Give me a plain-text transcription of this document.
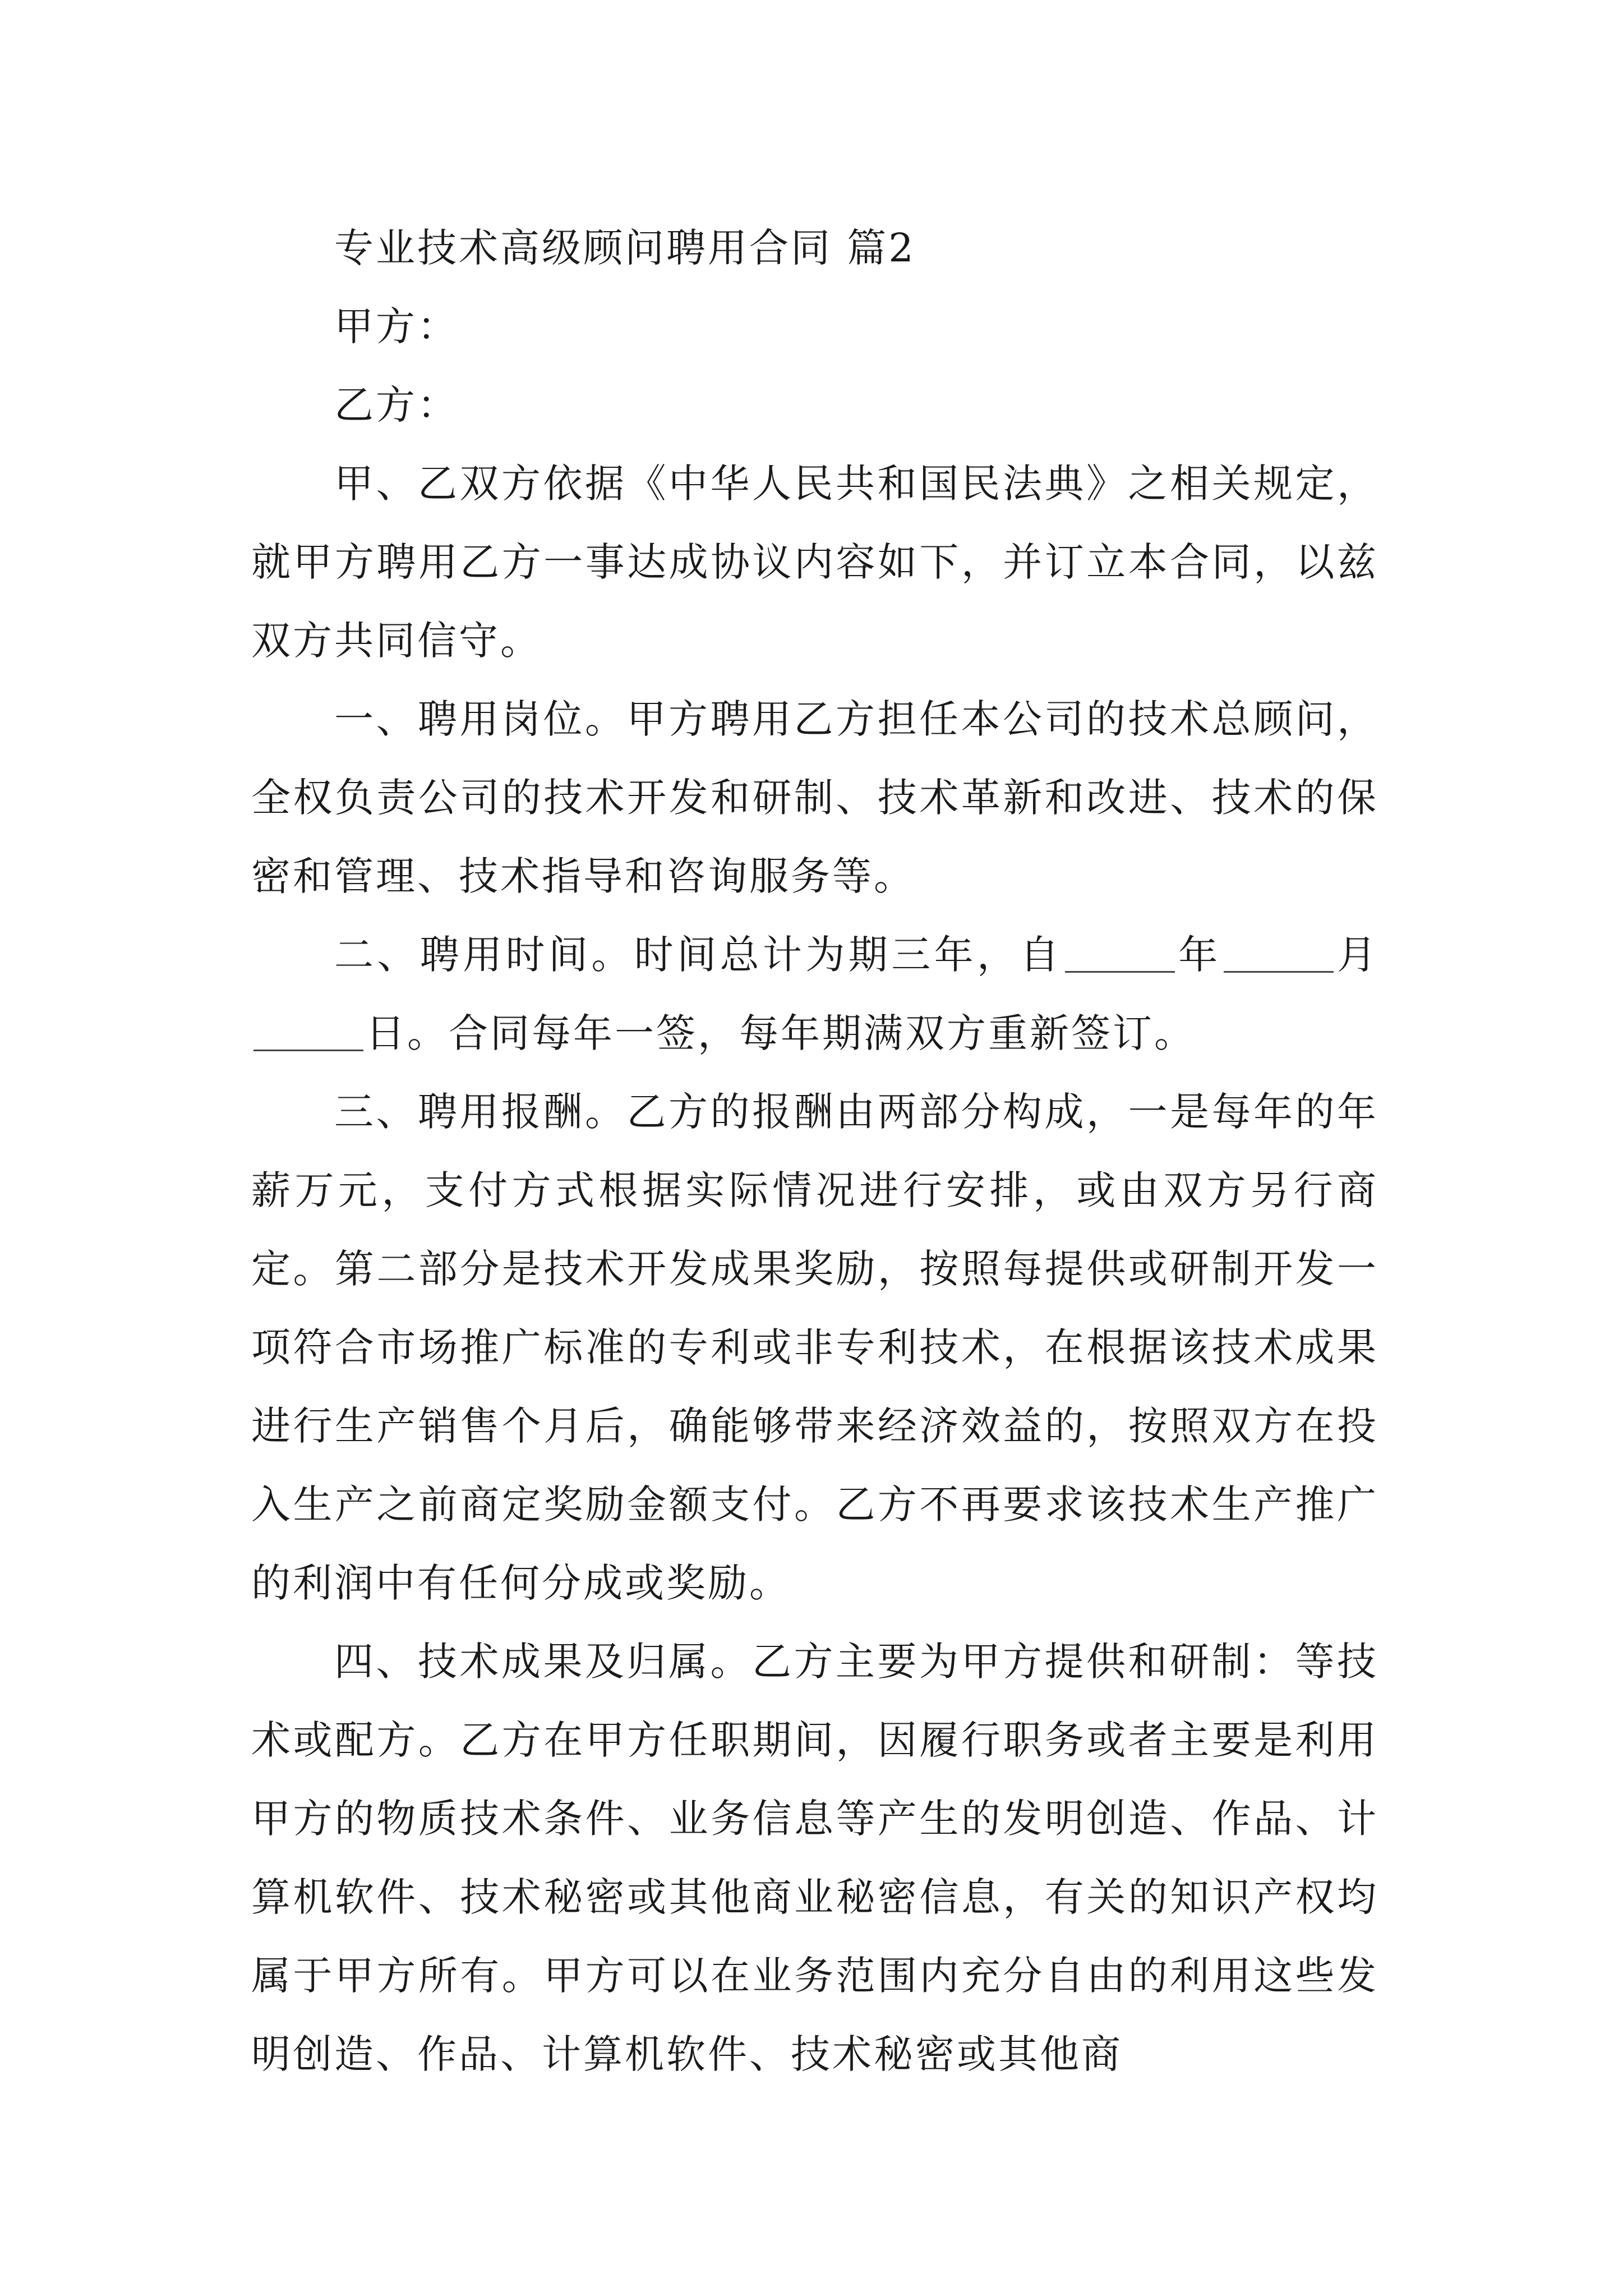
专业技术高级顾问聘用合同 篇2

甲方：

乙方：

甲、乙双方依据《中华人民共和国民法典》之相关规定，就甲方聘用乙方一事达成协议内容如下，并订立本合同，以兹双方共同信守。

一、聘用岗位。甲方聘用乙方担任本公司的技术总顾问，全权负责公司的技术开发和研制、技术革新和改进、技术的保密和管理、技术指导和咨询服务等。

二、聘用时间。时间总计为期三年，自	年	月日。合同每年一签，每年期满双方重新签订。

三、聘用报酬。乙方的报酬由两部分构成，一是每年的年薪万元，支付方式根据实际情况进行安排，或由双方另行商定。第二部分是技术开发成果奖励，按照每提供或研制开发一项符合市场推广标准的专利或非专利技术，在根据该技术成果进行生产销售个月后，确能够带来经济效益的，按照双方在投入生产之前商定奖励金额支付。乙方不再要求该技术生产推广的利润中有任何分成或奖励。

四、技术成果及归属。乙方主要为甲方提供和研制：等技术或配方。乙方在甲方任职期间，因履行职务或者主要是利用甲方的物质技术条件、业务信息等产生的发明创造、作品、计算机软件、技术秘密或其他商业秘密信息，有关的知识产权均属于甲方所有。甲方可以在业务范围内充分自由的利用这些发明创造、作品、计算机软件、技术秘密或其他商
